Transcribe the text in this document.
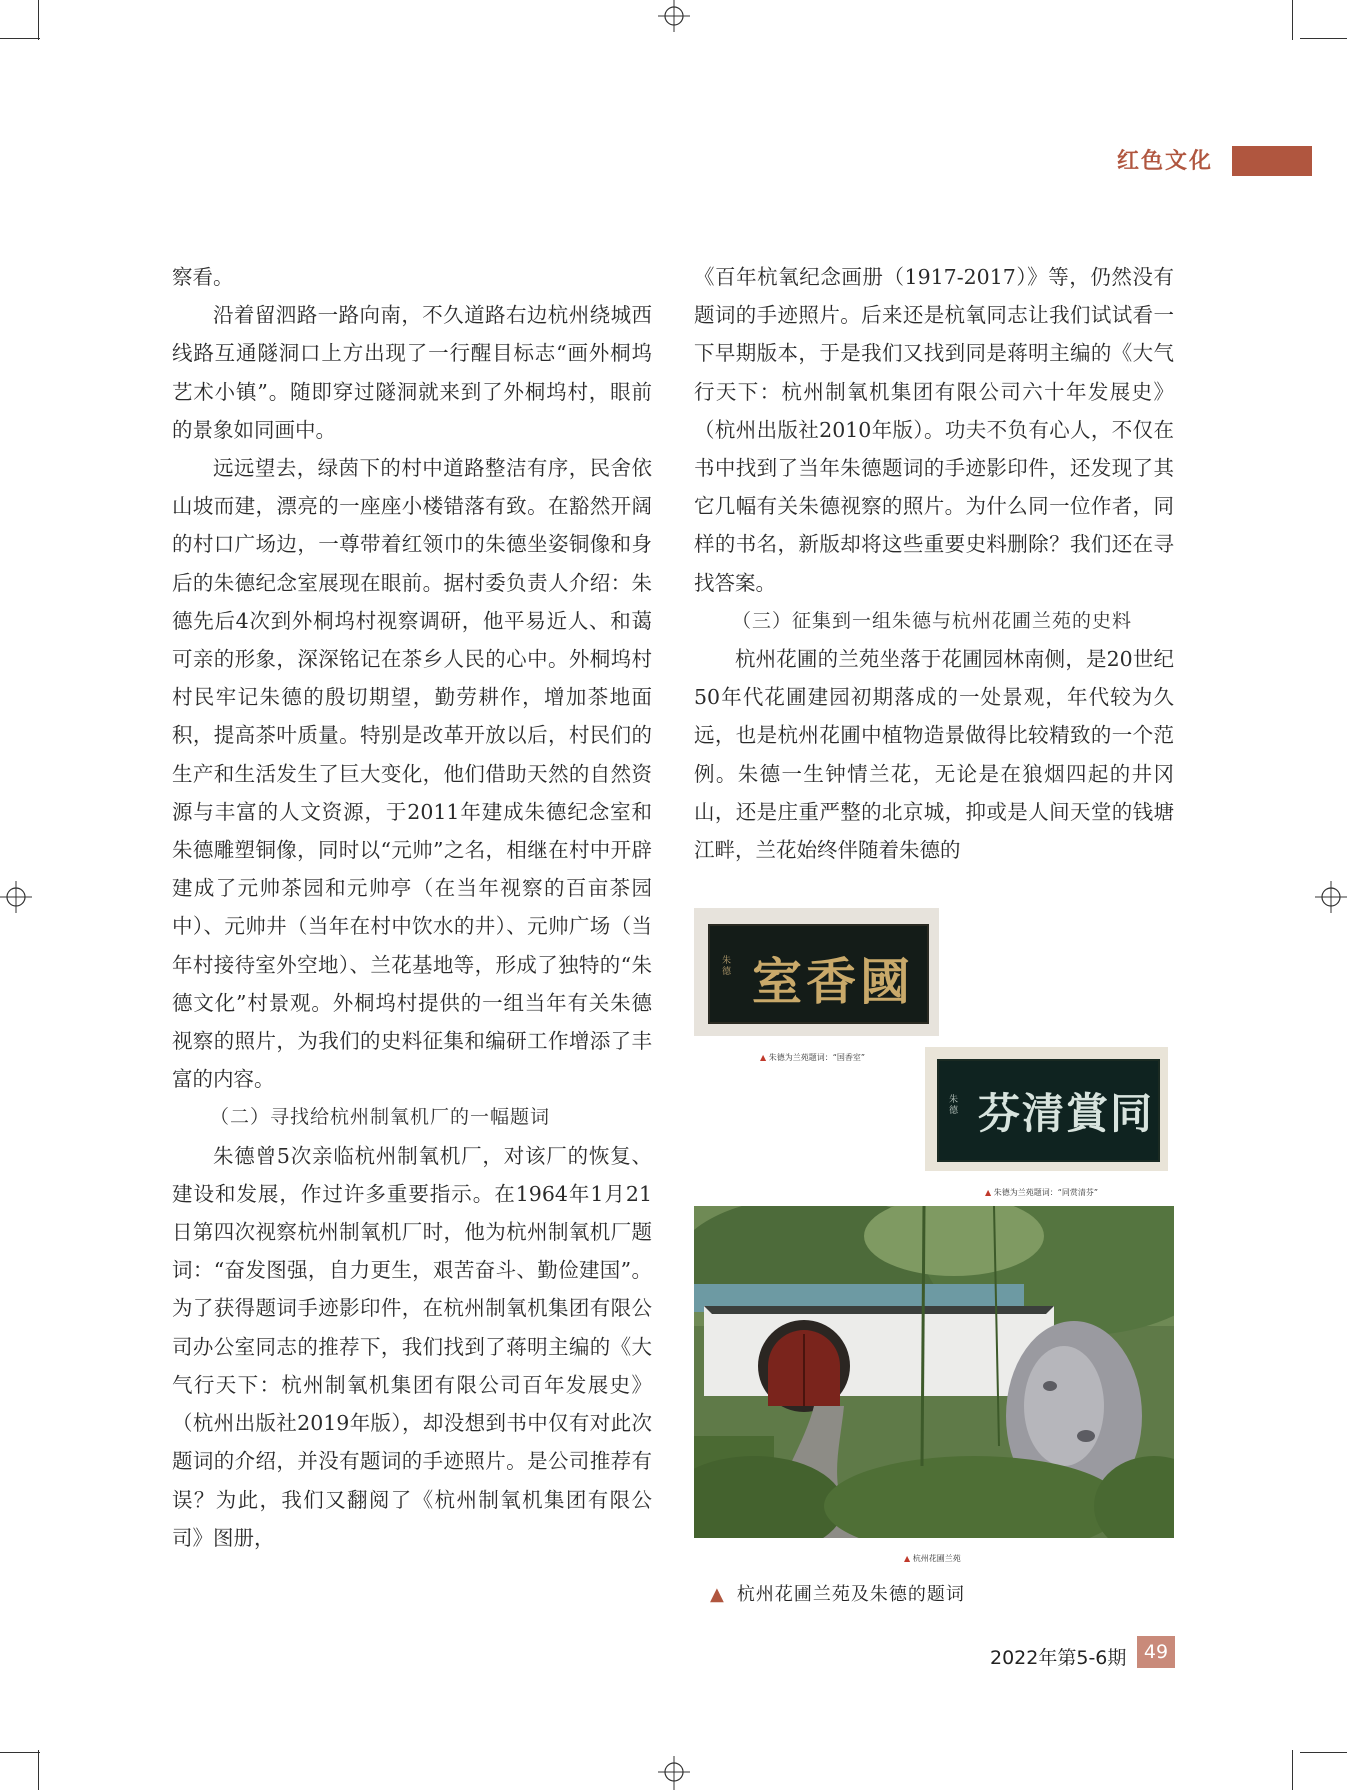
红色文化

察看。

沿着留泗路一路向南，不久道路右边杭州绕城西线路互通隧洞口上方出现了一行醒目标志“画外桐坞艺术小镇”。随即穿过隧洞就来到了外桐坞村，眼前的景象如同画中。

远远望去，绿茵下的村中道路整洁有序，民舍依山坡而建，漂亮的一座座小楼错落有致。在豁然开阔的村口广场边，一尊带着红领巾的朱德坐姿铜像和身后的朱德纪念室展现在眼前。据村委负责人介绍：朱德先后4次到外桐坞村视察调研，他平易近人、和蔼可亲的形象，深深铭记在茶乡人民的心中。外桐坞村村民牢记朱德的殷切期望，勤劳耕作，增加茶地面积，提高茶叶质量。特别是改革开放以后，村民们的生产和生活发生了巨大变化，他们借助天然的自然资源与丰富的人文资源，于2011年建成朱德纪念室和朱德雕塑铜像，同时以“元帅”之名，相继在村中开辟建成了元帅茶园和元帅亭（在当年视察的百亩茶园中）、元帅井（当年在村中饮水的井）、元帅广场（当年村接待室外空地）、兰花基地等，形成了独特的“朱德文化”村景观。外桐坞村提供的一组当年有关朱德视察的照片，为我们的史料征集和编研工作增添了丰富的内容。

（二）寻找给杭州制氧机厂的一幅题词

朱德曾5次亲临杭州制氧机厂，对该厂的恢复、建设和发展，作过许多重要指示。在1964年1月21日第四次视察杭州制氧机厂时，他为杭州制氧机厂题词：“奋发图强，自力更生，艰苦奋斗、勤俭建国”。为了获得题词手迹影印件，在杭州制氧机集团有限公司办公室同志的推荐下，我们找到了蒋明主编的《大气行天下：杭州制氧机集团有限公司百年发展史》（杭州出版社2019年版），却没想到书中仅有对此次题词的介绍，并没有题词的手迹照片。是公司推荐有误？为此，我们又翻阅了《杭州制氧机集团有限公司》图册，

《百年杭氧纪念画册（1917-2017）》等，仍然没有题词的手迹照片。后来还是杭氧同志让我们试试看一下早期版本，于是我们又找到同是蒋明主编的《大气行天下：杭州制氧机集团有限公司六十年发展史》（杭州出版社2010年版）。功夫不负有心人，不仅在书中找到了当年朱德题词的手迹影印件，还发现了其它几幅有关朱德视察的照片。为什么同一位作者，同样的书名，新版却将这些重要史料删除？我们还在寻找答案。

（三）征集到一组朱德与杭州花圃兰苑的史料

杭州花圃的兰苑坐落于花圃园林南侧，是20世纪50年代花圃建园初期落成的一处景观，年代较为久远，也是杭州花圃中植物造景做得比较精致的一个范例。朱德一生钟情兰花，无论是在狼烟四起的井冈山，还是庄重严整的北京城，抑或是人间天堂的钱塘江畔，兰花始终伴随着朱德的

國香室
朱德
▲ 朱德为兰苑题词：“国香室”
同賞清芬
朱德
▲ 朱德为兰苑题词：“同赏清芬”
▲ 杭州花圃兰苑
▲ 杭州花圃兰苑及朱德的题词
2022年第5-6期 49
